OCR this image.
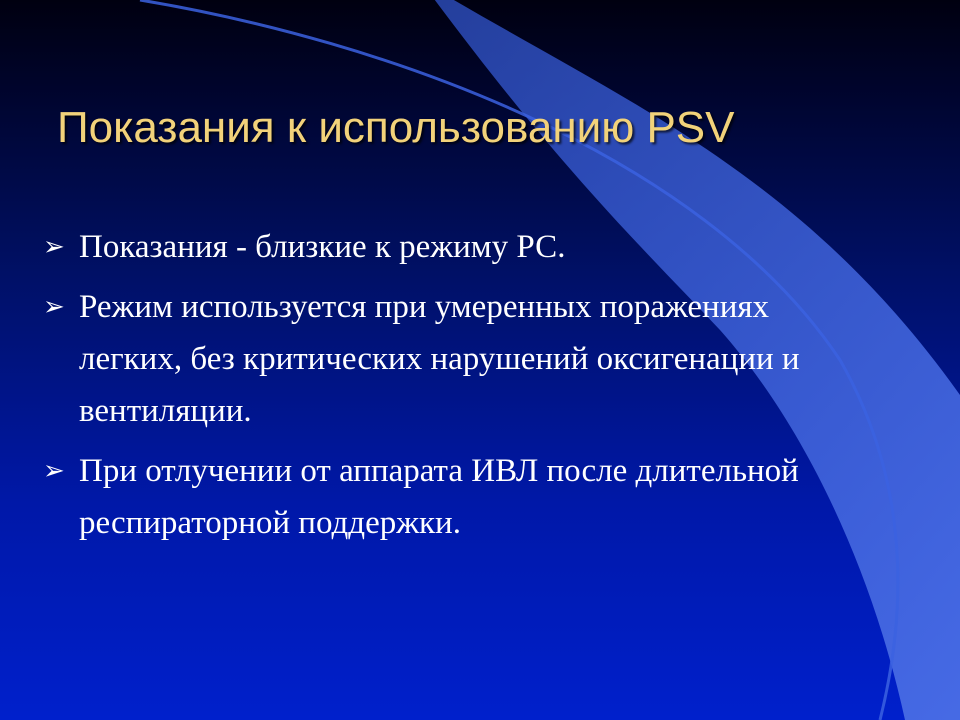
Показания к использованию PSV
➢ Показания - близкие к режиму РС.
➢ Режим используется при умеренных поражениях легких, без критических нарушений оксигенации и вентиляции.
➢ При отлучении от аппарата ИВЛ после длительной респираторной поддержки.
